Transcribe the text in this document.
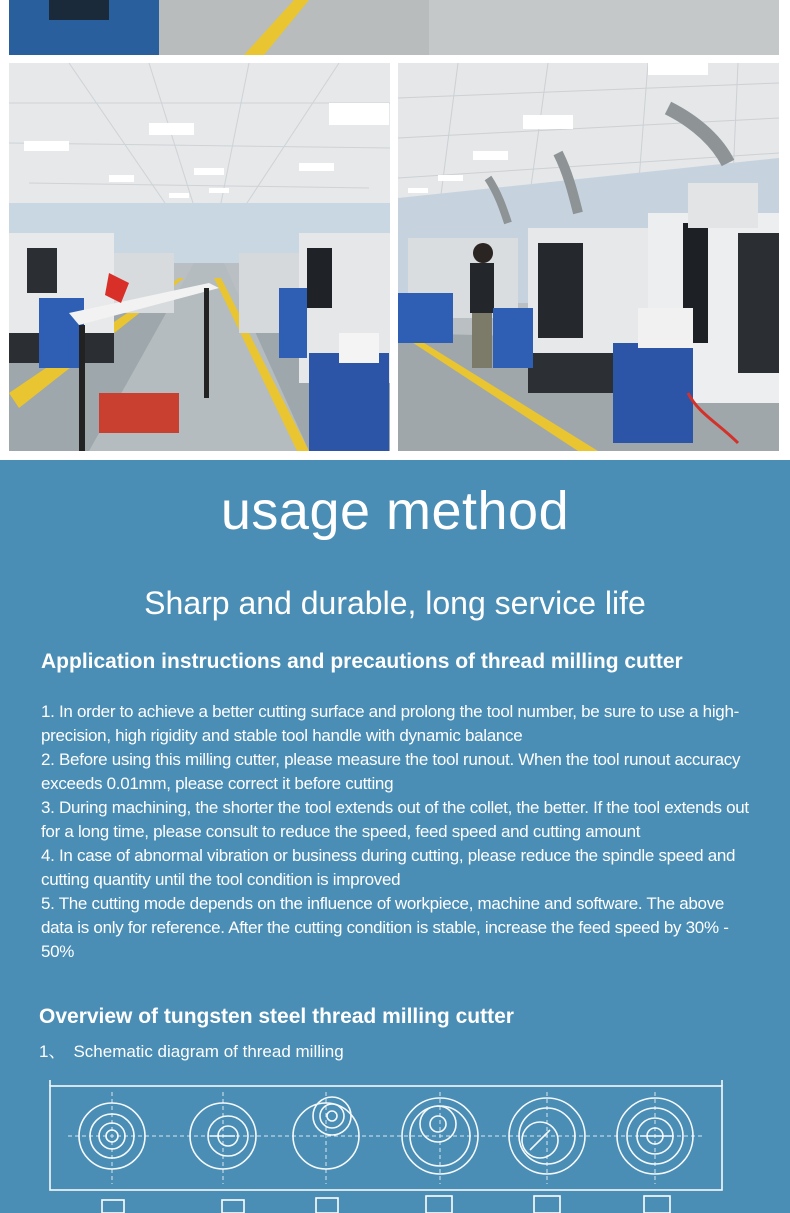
usage method
Sharp and durable, long service life
Application instructions and precautions of thread milling cutter
1. In order to achieve a better cutting surface and prolong the tool number, be sure to use a high-precision, high rigidity and stable tool handle with dynamic balance
2. Before using this milling cutter, please measure the tool runout. When the tool runout accuracy exceeds 0.01mm, please correct it before cutting
3. During machining, the shorter the tool extends out of the collet, the better. If the tool extends out for a long time, please consult to reduce the speed, feed speed and cutting amount
4. In case of abnormal vibration or business during cutting, please reduce the spindle speed and cutting quantity until the tool condition is improved
5. The cutting mode depends on the influence of workpiece, machine and software. The above data is only for reference. After the cutting condition is stable, increase the feed speed by 30% - 50%
Overview of tungsten steel thread milling cutter

1、 Schematic diagram of thread milling
